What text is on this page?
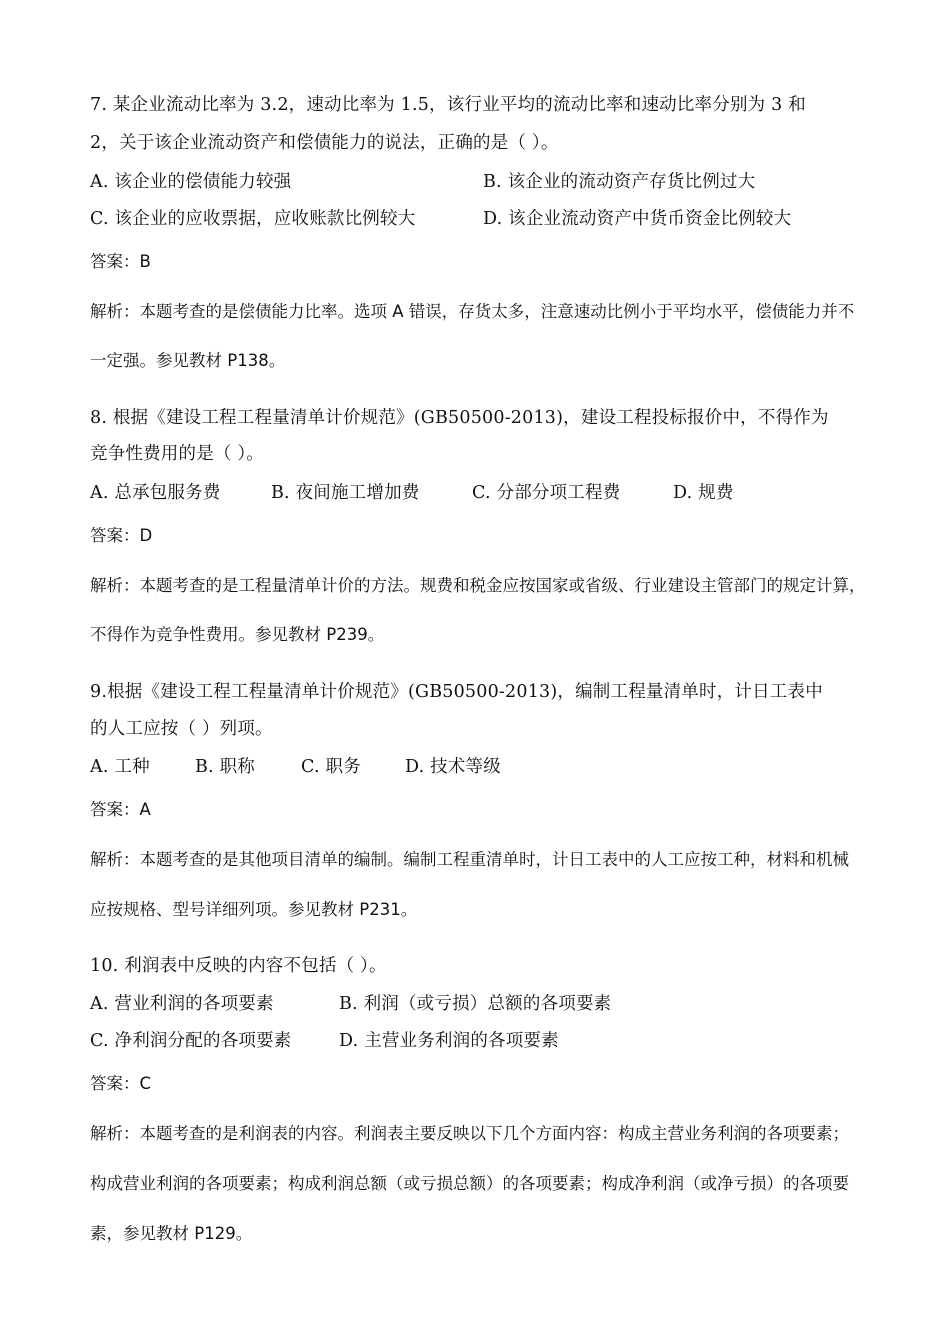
7. 某企业流动比率为 3.2，速动比率为 1.5，该行业平均的流动比率和速动比率分别为 3 和
2，关于该企业流动资产和偿债能力的说法，正确的是（ ）。
A. 该企业的偿债能力较强	B. 该企业的流动资产存货比例过大
C. 该企业的应收票据，应收账款比例较大	D. 该企业流动资产中货币资金比例较大
答案：B
解析：本题考查的是偿债能力比率。选项 A 错误，存货太多，注意速动比例小于平均水平，偿债能力并不
一定强。参见教材 P138。
8. 根据《建设工程工程量清单计价规范》(GB50500-2013)，建设工程投标报价中，不得作为
竞争性费用的是（ ）。
A. 总承包服务费	B. 夜间施工增加费	C. 分部分项工程费	D. 规费
答案：D
解析：本题考查的是工程量清单计价的方法。规费和税金应按国家或省级、行业建设主管部门的规定计算，
不得作为竞争性费用。参见教材 P239。
9.根据《建设工程工程量清单计价规范》(GB50500-2013)，编制工程量清单时，计日工表中
的人工应按（ ）列项。
A. 工种	B. 职称	C. 职务	D. 技术等级
答案：A
解析：本题考查的是其他项目清单的编制。编制工程重清单时，计日工表中的人工应按工种，材料和机械
应按规格、型号详细列项。参见教材 P231。
10. 利润表中反映的内容不包括（ ）。
A. 营业利润的各项要素	B. 利润（或亏损）总额的各项要素
C. 净利润分配的各项要素	D. 主营业务利润的各项要素
答案：C
解析：本题考查的是利润表的内容。利润表主要反映以下几个方面内容：构成主营业务利润的各项要素；
构成营业利润的各项要素；构成利润总额（或亏损总额）的各项要素；构成净利润（或净亏损）的各项要
素，参见教材 P129。
